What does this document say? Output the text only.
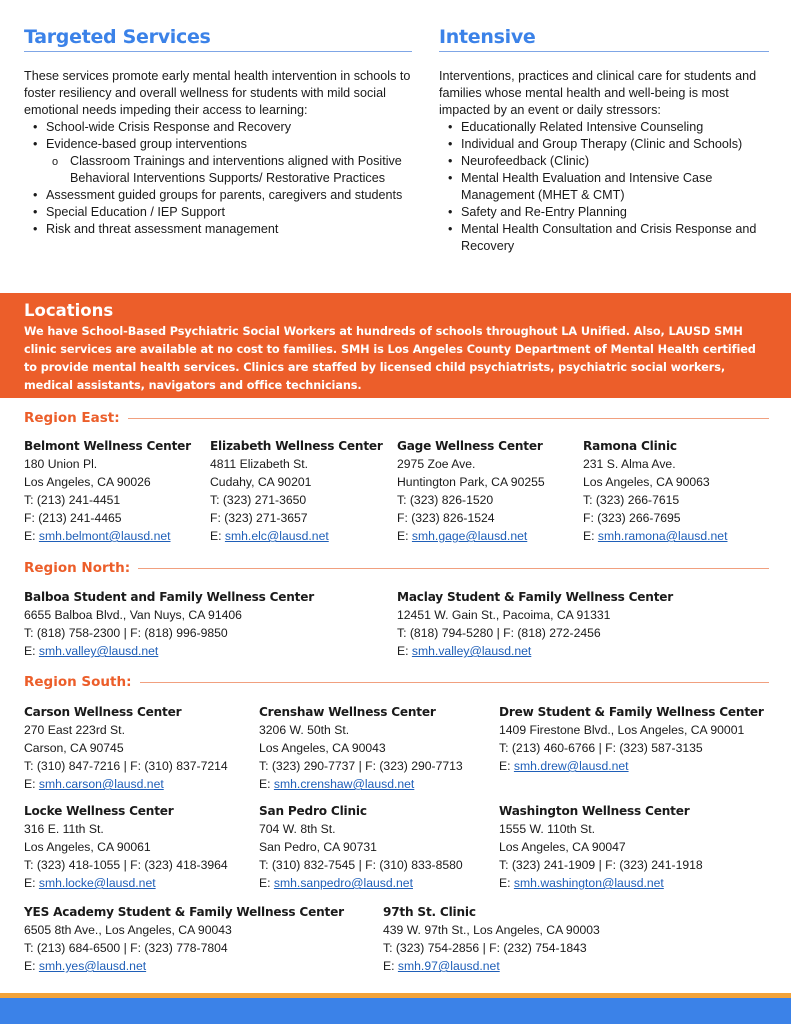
Targeted Services

These services promote early mental health intervention in schools to foster resiliency and overall wellness for students with mild social emotional needs impeding their access to learning:

• School-wide Crisis Response and Recovery
• Evidence-based group interventions
o Classroom Trainings and interventions aligned with Positive Behavioral Interventions Supports/ Restorative Practices
• Assessment guided groups for parents, caregivers and students
• Special Education / IEP Support
• Risk and threat assessment management
Intensive

Interventions, practices and clinical care for students and families whose mental health and well-being is most impacted by an event or daily stressors:

• Educationally Related Intensive Counseling
• Individual and Group Therapy (Clinic and Schools)
• Neurofeedback (Clinic)
• Mental Health Evaluation and Intensive Case Management (MHET & CMT)
• Safety and Re-Entry Planning
• Mental Health Consultation and Crisis Response and Recovery
Locations

We have School-Based Psychiatric Social Workers at hundreds of schools throughout LA Unified. Also, LAUSD SMH clinic services are available at no cost to families. SMH is Los Angeles County Department of Mental Health certified to provide mental health services. Clinics are staffed by licensed child psychiatrists, psychiatric social workers, medical assistants, navigators and office technicians.

Region East:
Belmont Wellness Center
180 Union Pl.
Los Angeles, CA 90026
T: (213) 241-4451
F: (213) 241-4465
E: smh.belmont@lausd.net
Elizabeth Wellness Center
4811 Elizabeth St.
Cudahy, CA 90201
T: (323) 271-3650
F: (323) 271-3657
E: smh.elc@lausd.net
Gage Wellness Center
2975 Zoe Ave.
Huntington Park, CA 90255
T: (323) 826-1520
F: (323) 826-1524
E: smh.gage@lausd.net
Ramona Clinic
231 S. Alma Ave.
Los Angeles, CA 90063
T: (323) 266-7615
F: (323) 266-7695
E: smh.ramona@lausd.net
Region North:
Balboa Student and Family Wellness Center
6655 Balboa Blvd., Van Nuys, CA 91406
T: (818) 758-2300 | F: (818) 996-9850
E: smh.valley@lausd.net
Maclay Student & Family Wellness Center
12451 W. Gain St., Pacoima, CA 91331
T: (818) 794-5280 | F: (818) 272-2456
E: smh.valley@lausd.net
Region South:
Carson Wellness Center
270 East 223rd St.
Carson, CA 90745
T: (310) 847-7216 | F: (310) 837-7214
E: smh.carson@lausd.net
Crenshaw Wellness Center
3206 W. 50th St.
Los Angeles, CA 90043
T: (323) 290-7737 | F: (323) 290-7713
E: smh.crenshaw@lausd.net
Drew Student & Family Wellness Center
1409 Firestone Blvd., Los Angeles, CA 90001
T: (213) 460-6766 | F: (323) 587-3135
E: smh.drew@lausd.net
Locke Wellness Center
316 E. 11th St.
Los Angeles, CA 90061
T: (323) 418-1055 | F: (323) 418-3964
E: smh.locke@lausd.net
San Pedro Clinic
704 W. 8th St.
San Pedro, CA 90731
T: (310) 832-7545 | F: (310) 833-8580
E: smh.sanpedro@lausd.net
Washington Wellness Center
1555 W. 110th St.
Los Angeles, CA 90047
T: (323) 241-1909 | F: (323) 241-1918
E: smh.washington@lausd.net
YES Academy Student & Family Wellness Center
6505 8th Ave., Los Angeles, CA 90043
T: (213) 684-6500 | F: (323) 778-7804
E: smh.yes@lausd.net
97th St. Clinic
439 W. 97th St., Los Angeles, CA 90003
T: (323) 754-2856 | F: (232) 754-1843
E: smh.97@lausd.net
